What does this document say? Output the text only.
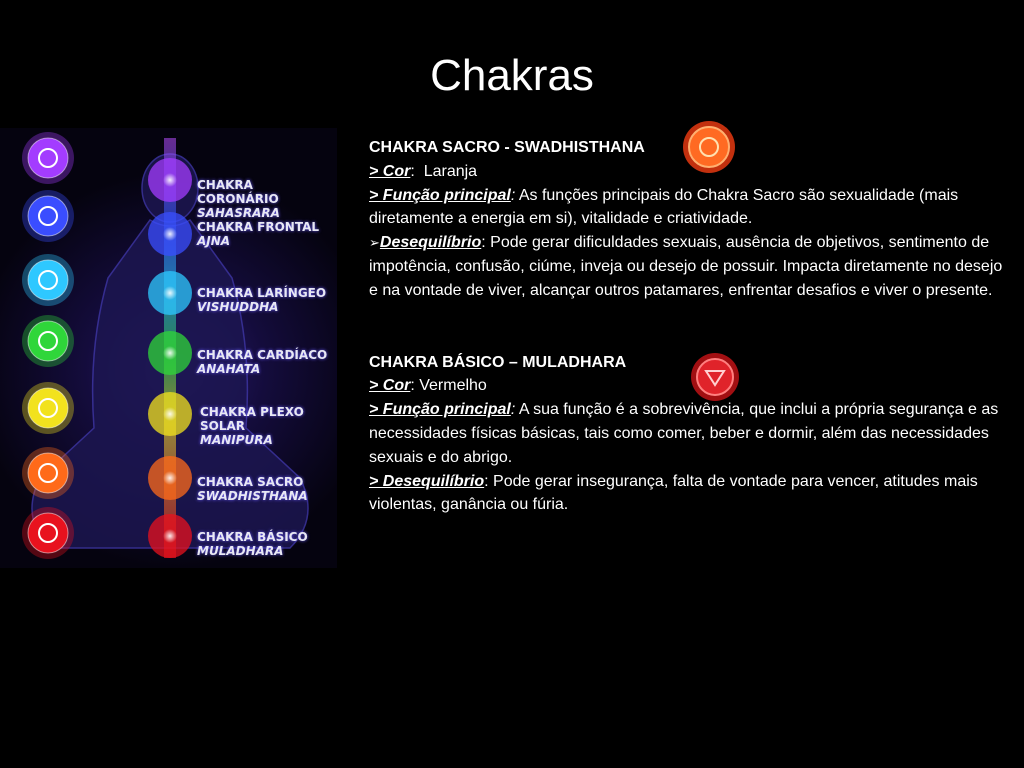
Chakras
CHAKRA CORONÁRIO
SAHASRARA
CHAKRA FRONTAL
AJNA
CHAKRA LARÍNGEO
VISHUDDHA
CHAKRA CARDÍACO
ANAHATA
CHAKRA PLEXO SOLAR
MANIPURA
CHAKRA SACRO
SWADHISTHANA
CHAKRA BÁSICO
MULADHARA

CHAKRA SACRO - SWADHISTHANA

> Cor:  Laranja

> Função principal: As funções principais do Chakra Sacro são sexualidade (mais diretamente a energia em si), vitalidade e criatividade.

➢Desequilíbrio: Pode gerar dificuldades sexuais, ausência de objetivos, sentimento de impotência, confusão, ciúme, inveja ou desejo de possuir. Impacta diretamente no desejo e na vontade de viver, alcançar outros patamares, enfrentar desafios e viver o presente.

CHAKRA BÁSICO – MULADHARA

> Cor: Vermelho

> Função principal: A sua função é a sobrevivência, que inclui a própria segurança e as necessidades físicas básicas, tais como comer, beber e dormir, além das necessidades sexuais e do abrigo.

> Desequilíbrio: Pode gerar insegurança, falta de vontade para vencer, atitudes mais violentas, ganância ou fúria.
